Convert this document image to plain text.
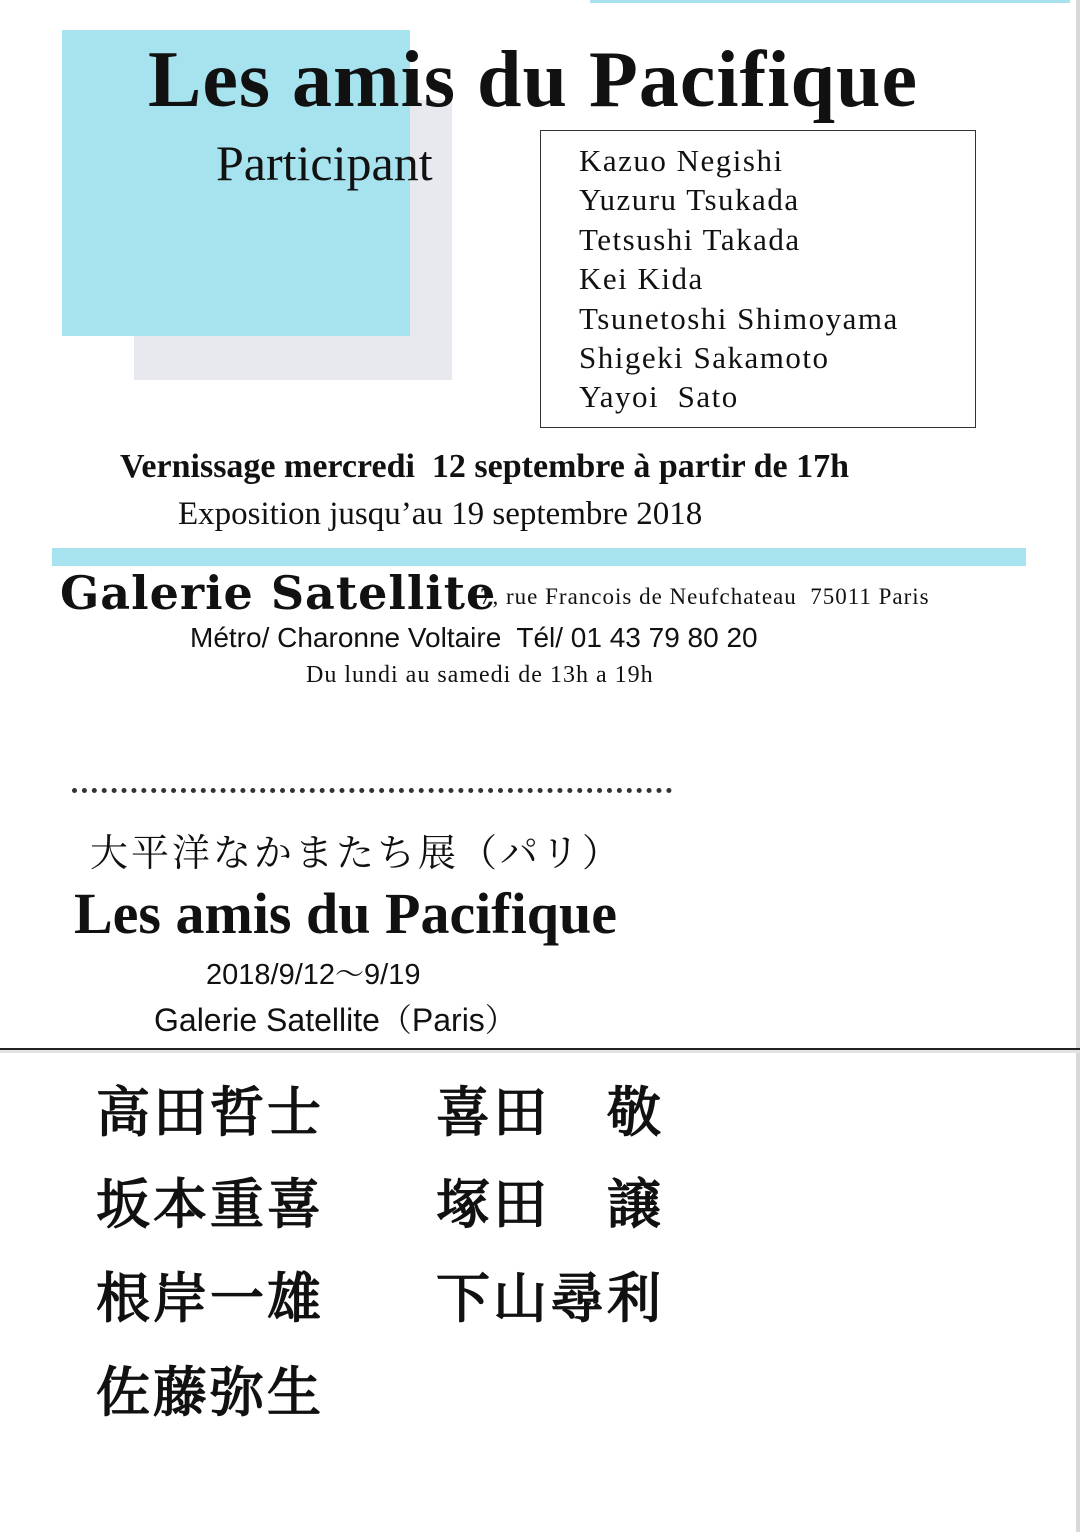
Les amis du Pacifique
Participant	Kazuo Negishi
Yuzuru Tsukada
Tetsushi Takada
Kei Kida
Tsunetoshi Shimoyama
Shigeki Sakamoto
Yayoi  Sato
Vernissage mercredi  12 septembre à partir de 17h
Exposition jusqu’au 19 septembre 2018
Galerie Satellite
7, rue Francois de Neufchateau  75011 Paris
Métro/ Charonne Voltaire  Tél/ 01 43 79 80 20
Du lundi au samedi de 13h a 19h
大平洋なかまたち展（パリ）
Les amis du Pacifique
2018/9/12～9/19
Galerie Satellite（Paris）
高田哲士 喜田　敬
坂本重喜 塚田　譲
根岸一雄 下山尋利
佐藤弥生
